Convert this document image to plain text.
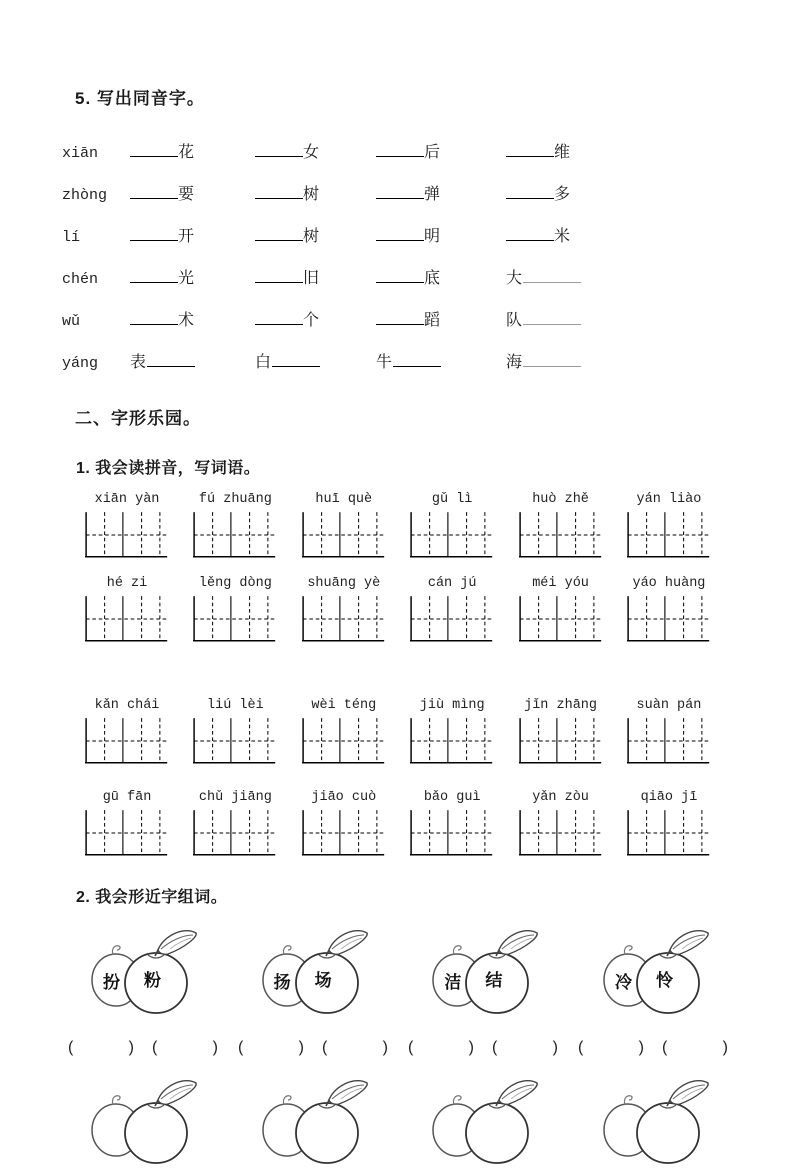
5. 写出同音字。
xiān	花	女	后	维
zhòng	要	树	弹	多
lí	开	树	明	米
chén	光	旧	底	大
wǔ	术	个	蹈	队
yáng	表	白	牛	海
二、字形乐园。
1. 我会读拼音，写词语。
xiān yàn	fú zhuāng	huī què	gǔ lì	huò zhě	yán liào
hé zi	lěng dòng	shuāng yè	cán jú	méi yóu	yáo huàng
kǎn chái	liú lèi	wèi téng	jiù mìng	jǐn zhāng	suàn pán
gū fān	chǔ jiāng	jiāo cuò	bǎo guì	yǎn zòu	qiāo jī
2. 我会形近字组词。
扮 粉	扬 场	洁 结	冷 怜
(	) (	) (	) (	) (	) (	) (	) (	)
